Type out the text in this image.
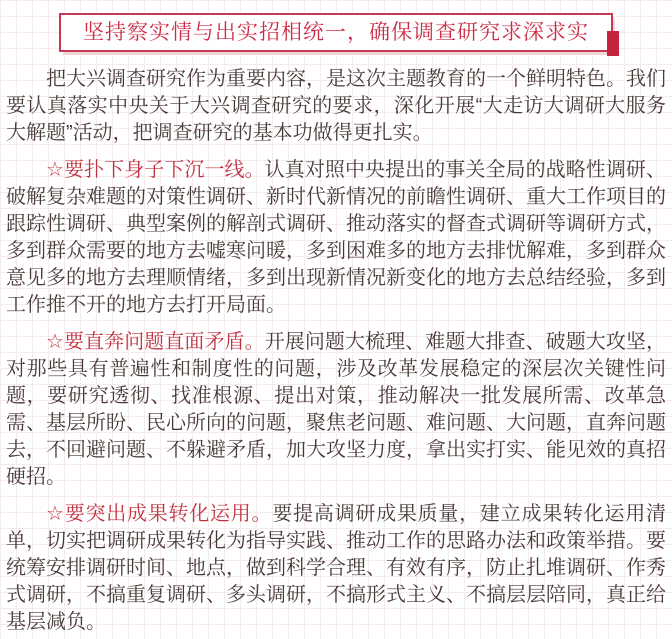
坚持察实情与出实招相统一，确保调查研究求深求实

把大兴调查研究作为重要内容，是这次主题教育的一个鲜明特色。我们要认真落实中央关于大兴调查研究的要求，深化开展“大走访大调研大服务大解题”活动，把调查研究的基本功做得更扎实。

☆要扑下身子下沉一线。认真对照中央提出的事关全局的战略性调研、破解复杂难题的对策性调研、新时代新情况的前瞻性调研、重大工作项目的跟踪性调研、典型案例的解剖式调研、推动落实的督查式调研等调研方式，多到群众需要的地方去嘘寒问暖，多到困难多的地方去排忧解难，多到群众意见多的地方去理顺情绪，多到出现新情况新变化的地方去总结经验，多到工作推不开的地方去打开局面。

☆要直奔问题直面矛盾。开展问题大梳理、难题大排查、破题大攻坚，对那些具有普遍性和制度性的问题，涉及改革发展稳定的深层次关键性问题，要研究透彻、找准根源、提出对策，推动解决一批发展所需、改革急需、基层所盼、民心所向的问题，聚焦老问题、难问题、大问题，直奔问题去，不回避问题、不躲避矛盾，加大攻坚力度，拿出实打实、能见效的真招硬招。

☆要突出成果转化运用。要提高调研成果质量，建立成果转化运用清单，切实把调研成果转化为指导实践、推动工作的思路办法和政策举措。要统筹安排调研时间、地点，做到科学合理、有效有序，防止扎堆调研、作秀式调研，不搞重复调研、多头调研，不搞形式主义、不搞层层陪同，真正给基层减负。
